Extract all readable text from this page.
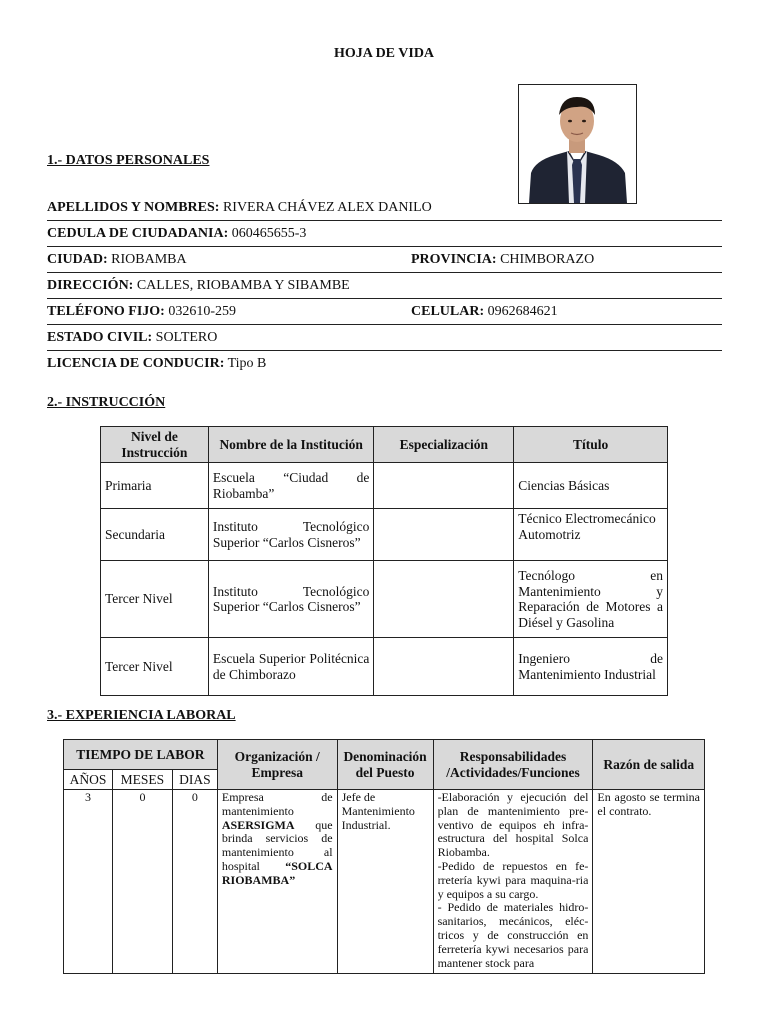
HOJA DE VIDA
1.- DATOS PERSONALES
APELLIDOS Y NOMBRES: RIVERA CHÁVEZ ALEX DANILO
CEDULA DE CIUDADANIA: 060465655-3
CIUDAD: RIOBAMBA	PROVINCIA: CHIMBORAZO
DIRECCIÓN: CALLES, RIOBAMBA Y SIBAMBE
TELÉFONO FIJO: 032610-259	CELULAR: 0962684621
ESTADO CIVIL: SOLTERO
LICENCIA DE CONDUCIR: Tipo B
2.- INSTRUCCIÓN
Nivel de Instrucción	Nombre de la Institución	Especialización	Título
Primaria	Escuela “Ciudad de Riobamba”		Ciencias Básicas
Secundaria	Instituto Tecnológico Superior “Carlos Cisneros”		Técnico Electromecánico Automotriz
Tercer Nivel	Instituto Tecnológico Superior “Carlos Cisneros”		Tecnólogo en Mantenimiento y Reparación de Motores a Diésel y Gasolina
Tercer Nivel	Escuela Superior Politécnica de Chimborazo		Ingeniero de Mantenimiento Industrial
3.- EXPERIENCIA LABORAL
TIEMPO DE LABOR			Organización / Empresa	Denominación del Puesto	Responsabilidades /Actividades/Funciones	Razón de salida
AÑOS	MESES	DIAS				
3	0	0	Empresa de mantenimiento ASERSIGMA que brinda servicios de mantenimiento al hospital “SOLCA RIOBAMBA”	Jefe de Mantenimiento Industrial.	-Elaboración y ejecución del plan de mantenimiento pre-ventivo de equipos eh infra-estructura del hospital Solca Riobamba.
-Pedido de repuestos en fe-rretería kywi para maquina-ria y equipos a su cargo.
- Pedido de materiales hidro-sanitarios, mecánicos, eléc-tricos y de construcción en ferretería kywi necesarios para mantener stock para	En agosto se termina el contrato.
